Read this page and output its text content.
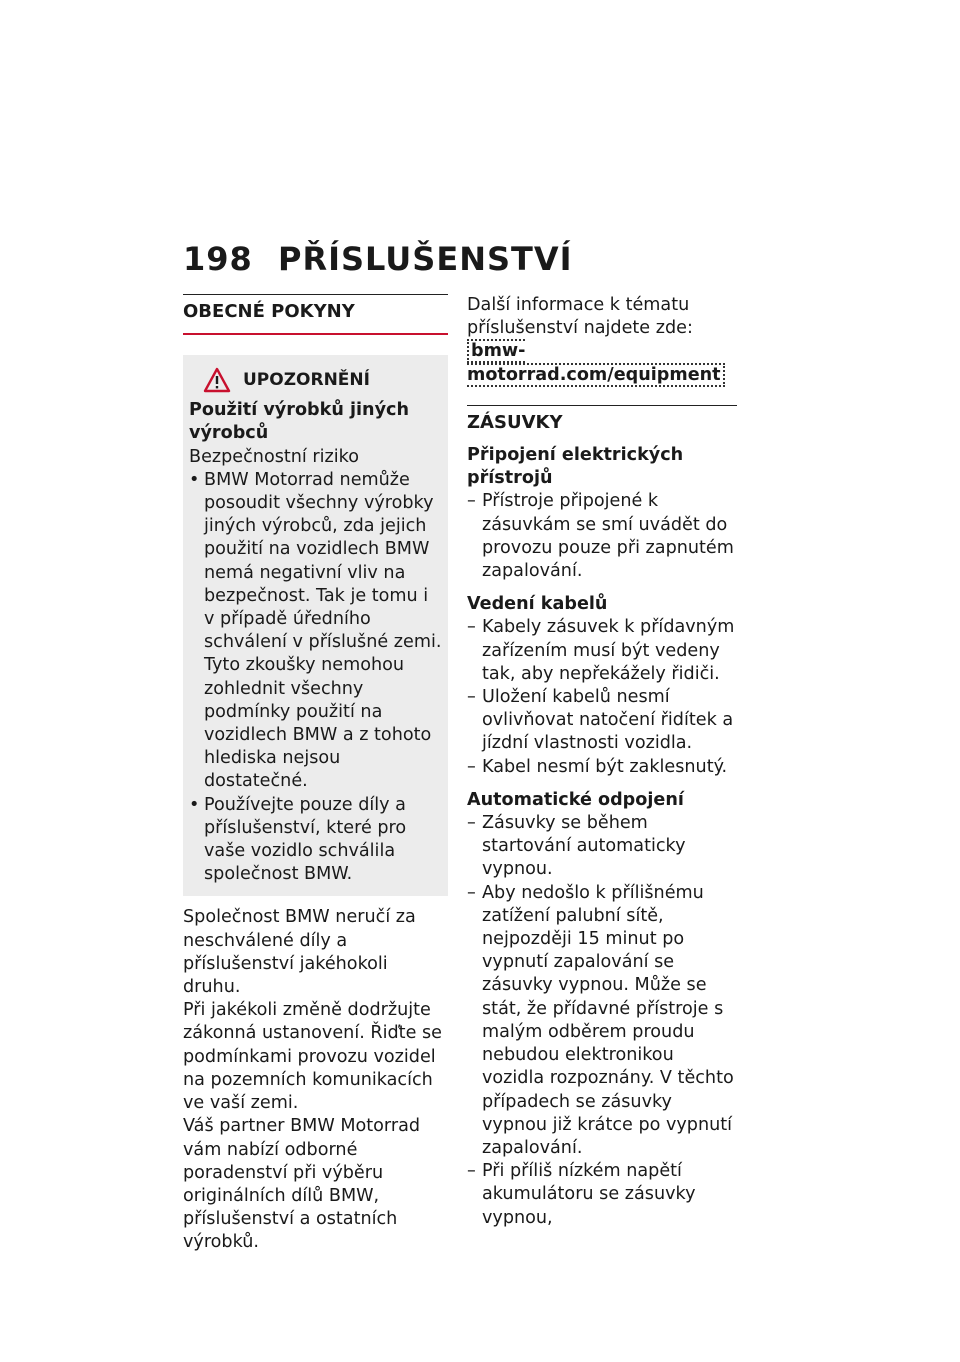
198 PŘÍSLUŠENSTVÍ
OBECNÉ POKYNY
UPOZORNĚNÍ
Použití výrobků jiných výrobců
Bezpečnostní riziko
• BMW Motorrad nemůže posoudit všechny výrobky jiných výrobců, zda jejich použití na vozidlech BMW nemá negativní vliv na bezpečnost. Tak je tomu i v případě úředního schválení v příslušné zemi. Tyto zkoušky nemohou zohlednit všechny podmínky použití na vozidlech BMW a z tohoto hlediska nejsou dostatečné.
• Používejte pouze díly a příslušenství, které pro vaše vozidlo schválila společnost BMW.
Společnost BMW neručí za neschválené díly a příslušenství jakéhokoli druhu.
Při jakékoli změně dodržujte zákonná ustanovení. Řiďte se podmínkami provozu vozidel na pozemních komunikacích ve vaší zemi.
Váš partner BMW Motorrad vám nabízí odborné poradenství při výběru originálních dílů BMW, příslušenství a ostatních výrobků.
Další informace k tématu příslušenství najdete zde: bmw-motorrad.com/equipment
ZÁSUVKY
Připojení elektrických přístrojů
– Přístroje připojené k zásuvkám se smí uvádět do provozu pouze při zapnutém zapalování.
Vedení kabelů
– Kabely zásuvek k přídavným zařízením musí být vedeny tak, aby nepřekážely řidiči.
– Uložení kabelů nesmí ovlivňovat natočení řidítek a jízdní vlastnosti vozidla.
– Kabel nesmí být zaklesnutý.
Automatické odpojení
– Zásuvky se během startování automaticky vypnou.
– Aby nedošlo k přílišnému zatížení palubní sítě, nejpozději 15 minut po vypnutí zapalování se zásuvky vypnou. Může se stát, že přídavné přístroje s malým odběrem proudu nebudou elektronikou vozidla rozpoznány. V těchto případech se zásuvky vypnou již krátce po vypnutí zapalování.
– Při příliš nízkém napětí akumulátoru se zásuvky vypnou,
